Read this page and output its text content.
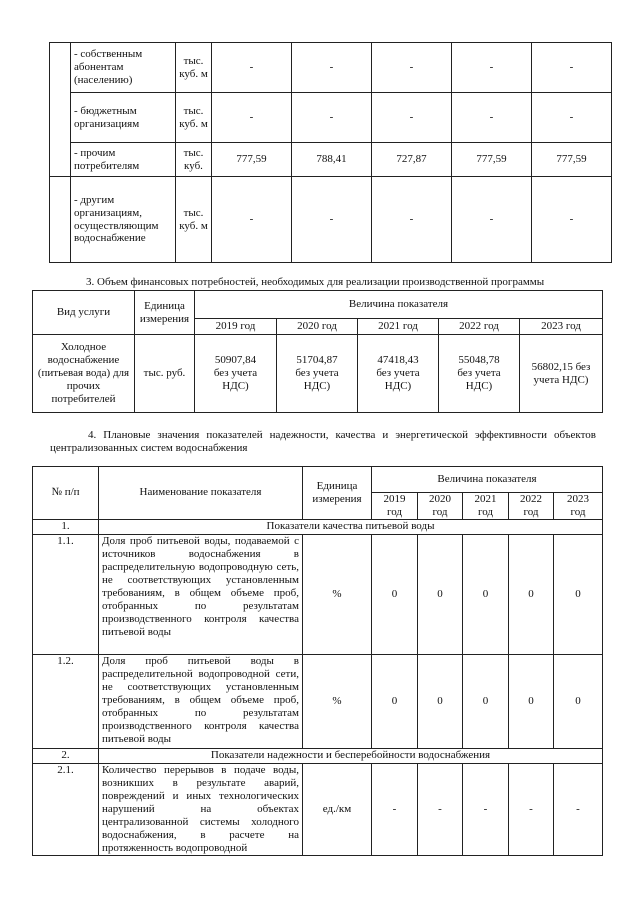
	- собственным абонентам (населению)	тыс. куб. м	-	-	-	-	-
	- бюджетным организациям	тыс. куб. м	-	-	-	-	-
	- прочим потребителям	тыс. куб.	777,59	788,41	727,87	777,59	777,59
	- другим организациям, осуществляющим водоснабжение	тыс. куб. м	-	-	-	-	-
3. Объем финансовых потребностей, необходимых для реализации производственной программы
Вид услуги	Единица измерения	Величина показателя				
		2019 год	2020 год	2021 год	2022 год	2023 год
Холодное водоснабжение (питьевая вода) для прочих потребителей	тыс. руб.	50907,84 без учета НДС)	51704,87 без учета НДС)	47418,43 без учета НДС)	55048,78 без учета НДС)	56802,15 без учета НДС)
4. Плановые значения показателей надежности, качества и энергетической эффективности объектов централизованных систем водоснабжения
№ п/п	Наименование показателя	Единица измерения	Величина показателя				
			2019 год	2020 год	2021 год	2022 год	2023 год
1.	Показатели качества питьевой воды						
1.1.	Доля проб питьевой воды, подаваемой с источников водоснабжения в распределительную водопроводную сеть, не соответствующих установленным требованиям, в общем объеме проб, отобранных по результатам производственного контроля качества питьевой воды	%	0	0	0	0	0
1.2.	Доля проб питьевой воды в распределительной водопроводной сети, не соответствующих установленным требованиям, в общем объеме проб, отобранных по результатам производственного контроля качества питьевой воды	%	0	0	0	0	0
2.	Показатели надежности и бесперебойности водоснабжения						
2.1.	Количество перерывов в подаче воды, возникших в результате аварий, повреждений и иных технологических нарушений на объектах централизованной системы холодного водоснабжения, в расчете на протяженность водопроводной	ед./км	-	-	-	-	-
